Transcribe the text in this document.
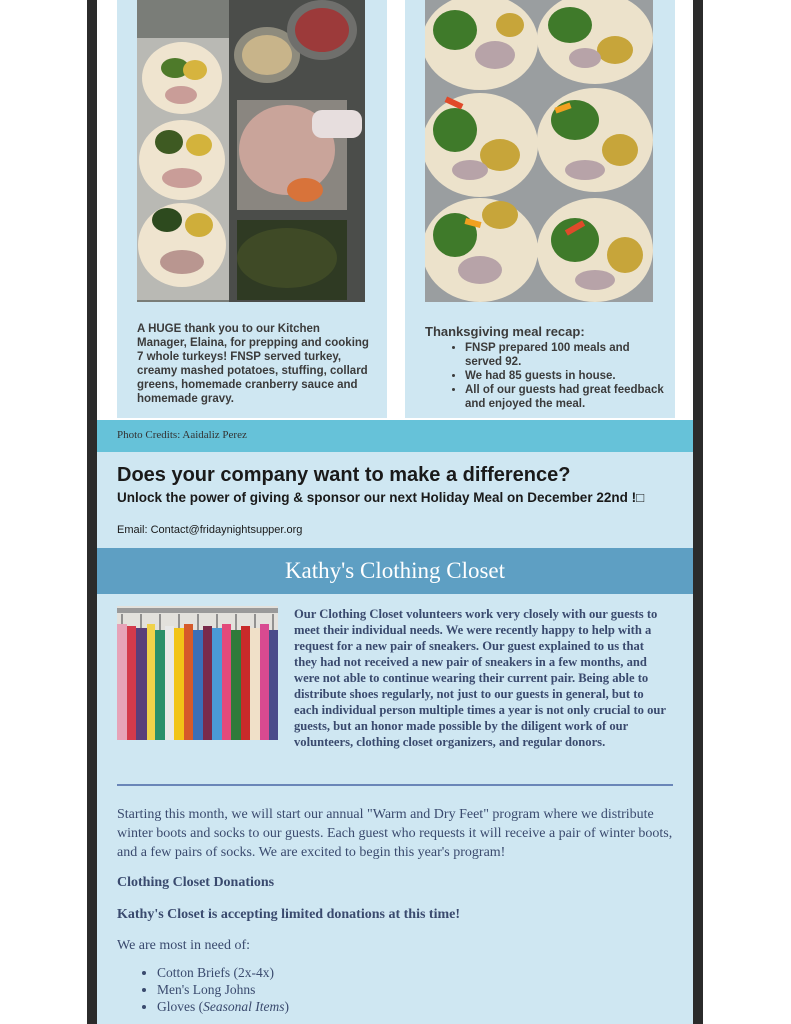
A HUGE thank you to our Kitchen Manager, Elaina, for prepping and cooking 7 whole turkeys! FNSP served turkey, creamy mashed potatoes, stuffing, collard greens, homemade cranberry sauce and homemade gravy.
Thanksgiving meal recap:
• FNSP prepared 100 meals and served 92.
• We had 85 guests in house.
• All of our guests had great feedback and enjoyed the meal.
Photo Credits: Aaidaliz Perez
Does your company want to make a difference?
Unlock the power of giving & sponsor our next Holiday Meal on December 22nd !□
Email: Contact@fridaynightsupper.org
Kathy's Clothing Closet
Our Clothing Closet volunteers work very closely with our guests to meet their individual needs. We were recently happy to help with a request for a new pair of sneakers. Our guest explained to us that they had not received a new pair of sneakers in a few months, and were not able to continue wearing their current pair. Being able to distribute shoes regularly, not just to our guests in general, but to each individual person multiple times a year is not only crucial to our guests, but an honor made possible by the diligent work of our volunteers, clothing closet organizers, and regular donors.

Starting this month, we will start our annual "Warm and Dry Feet" program where we distribute winter boots and socks to our guests. Each guest who requests it will receive a pair of winter boots, and a few pairs of socks. We are excited to begin this year's program!

Clothing Closet Donations

Kathy's Closet is accepting limited donations at this time!

We are most in need of:

• Cotton Briefs (2x-4x)
• Men's Long Johns
• Gloves (Seasonal Items)
